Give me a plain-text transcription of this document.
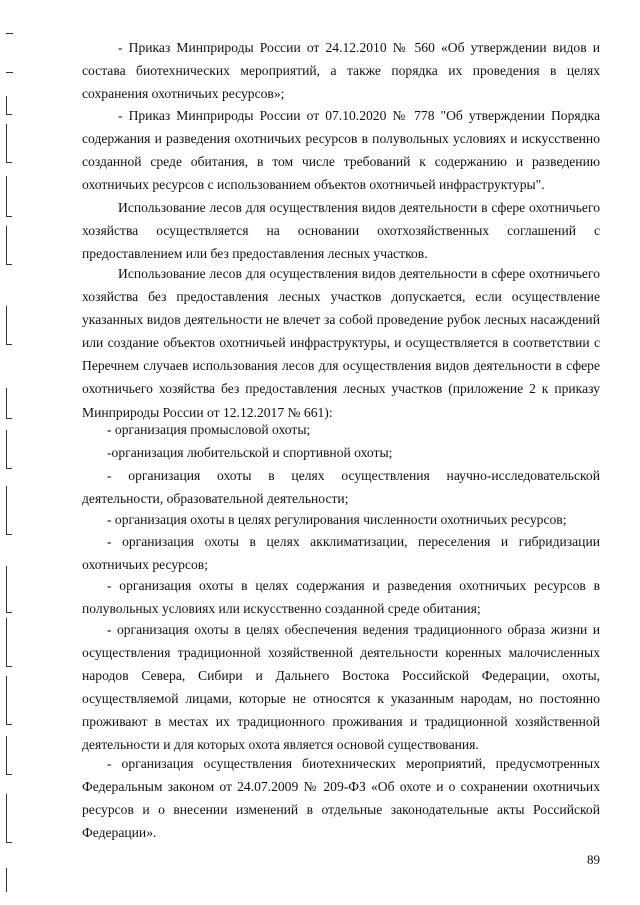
- Приказ Минприроды России от 24.12.2010 № 560 «Об утверждении видов и состава биотехнических мероприятий, а также порядка их проведения в целях сохранения охотничьих ресурсов»;
- Приказ Минприроды России от 07.10.2020 № 778 "Об утверждении Порядка содержания и разведения охотничьих ресурсов в полувольных условиях и искусственно созданной среде обитания, в том числе требований к содержанию и разведению охотничьих ресурсов с использованием объектов охотничьей инфраструктуры".
Использование лесов для осуществления видов деятельности в сфере охотничьего хозяйства осуществляется на основании охотхозяйственных соглашений с предоставлением или без предоставления лесных участков.
Использование лесов для осуществления видов деятельности в сфере охотничьего хозяйства без предоставления лесных участков допускается, если осуществление указанных видов деятельности не влечет за собой проведение рубок лесных насаждений или создание объектов охотничьей инфраструктуры, и осуществляется в соответствии с Перечнем случаев использования лесов для осуществления видов деятельности в сфере охотничьего хозяйства без предоставления лесных участков (приложение 2 к приказу Минприроды России от 12.12.2017 № 661):
- организация промысловой охоты;
-организация любительской и спортивной охоты;
- организация охоты в целях осуществления научно-исследовательской деятельности, образовательной деятельности;
- организация охоты в целях регулирования численности охотничьих ресурсов;
- организация охоты в целях акклиматизации, переселения и гибридизации охотничьих ресурсов;
- организация охоты в целях содержания и разведения охотничьих ресурсов в полувольных условиях или искусственно созданной среде обитания;
- организация охоты в целях обеспечения ведения традиционного образа жизни и осуществления традиционной хозяйственной деятельности коренных малочисленных народов Севера, Сибири и Дальнего Востока Российской Федерации, охоты, осуществляемой лицами, которые не относятся к указанным народам, но постоянно проживают в местах их традиционного проживания и традиционной хозяйственной деятельности и для которых охота является основой существования.
- организация осуществления биотехнических мероприятий, предусмотренных Федеральным законом от 24.07.2009 № 209-ФЗ «Об охоте и о сохранении охотничьих ресурсов и о внесении изменений в отдельные законодательные акты Российской Федерации».
89
